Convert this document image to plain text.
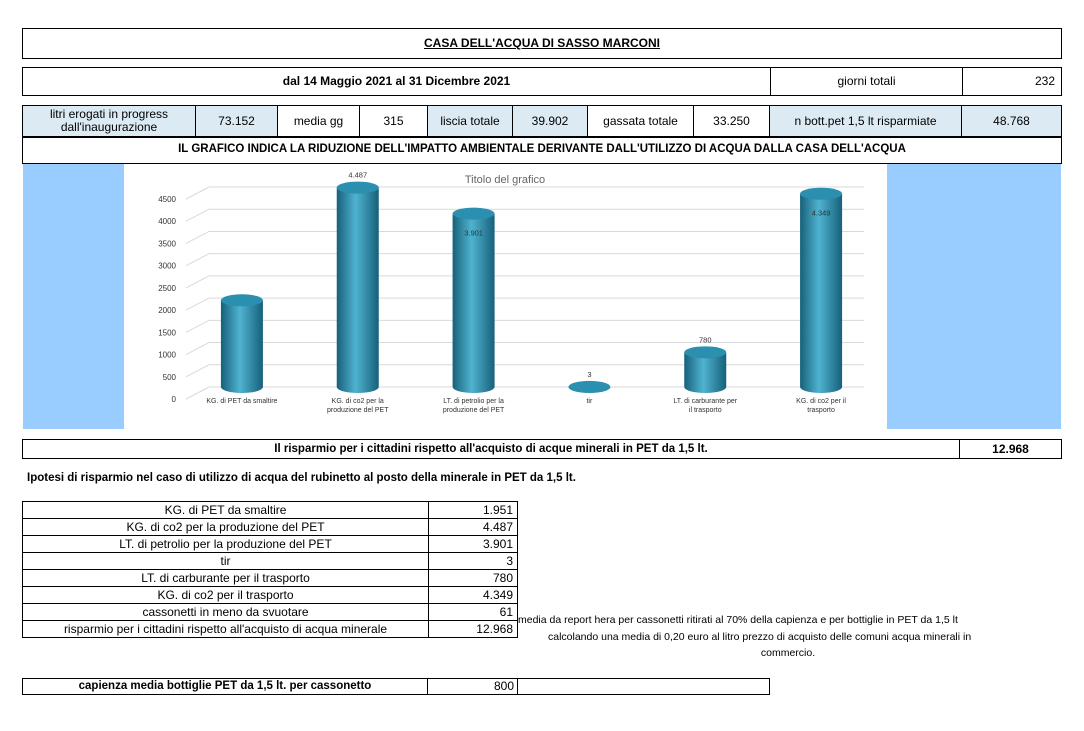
CASA DELL'ACQUA DI SASSO MARCONI
dal 14 Maggio 2021 al 31 Dicembre 2021	giorni totali	232
litri erogati in progress dall'inaugurazione	73.152	media gg	315	liscia totale	39.902	gassata totale	33.250	n bott.pet 1,5 lt risparmiate	48.768
IL GRAFICO INDICA LA RIDUZIONE DELL'IMPATTO AMBIENTALE DERIVANTE DALL'UTILIZZO DI ACQUA DALLA CASA DELL'ACQUA
Titolo del grafico
0
500
1000
1500
2000
2500
3000
3500
4000
4500
4.487
3.901
3
780
4.349
KG. di PET da smaltire	KG. di co2 per la produzione del PET
LT. di petrolio per la produzione del PET
tir	LT. di carburante per il trasporto
KG. di co2 per il trasporto
Il risparmio per i cittadini rispetto all'acquisto di acque minerali in PET da 1,5 lt.	12.968
Ipotesi di risparmio nel caso di utilizzo di acqua del rubinetto al posto della minerale in PET da 1,5 lt.
KG. di PET da smaltire	1.951
KG. di co2 per la produzione del PET	4.487
LT. di petrolio per la produzione del PET	3.901
tir	3
LT. di carburante per il trasporto	780
KG. di co2 per il trasporto	4.349
cassonetti in meno da svuotare	61
risparmio per i cittadini rispetto all'acquisto di acqua minerale	12.968
media da report hera per cassonetti ritirati al 70% della capienza e per bottiglie in PET da 1,5 lt
calcolando una media di 0,20 euro al litro prezzo di acquisto delle comuni acqua minerali in
commercio.
capienza media bottiglie PET da 1,5 lt. per cassonetto	800
